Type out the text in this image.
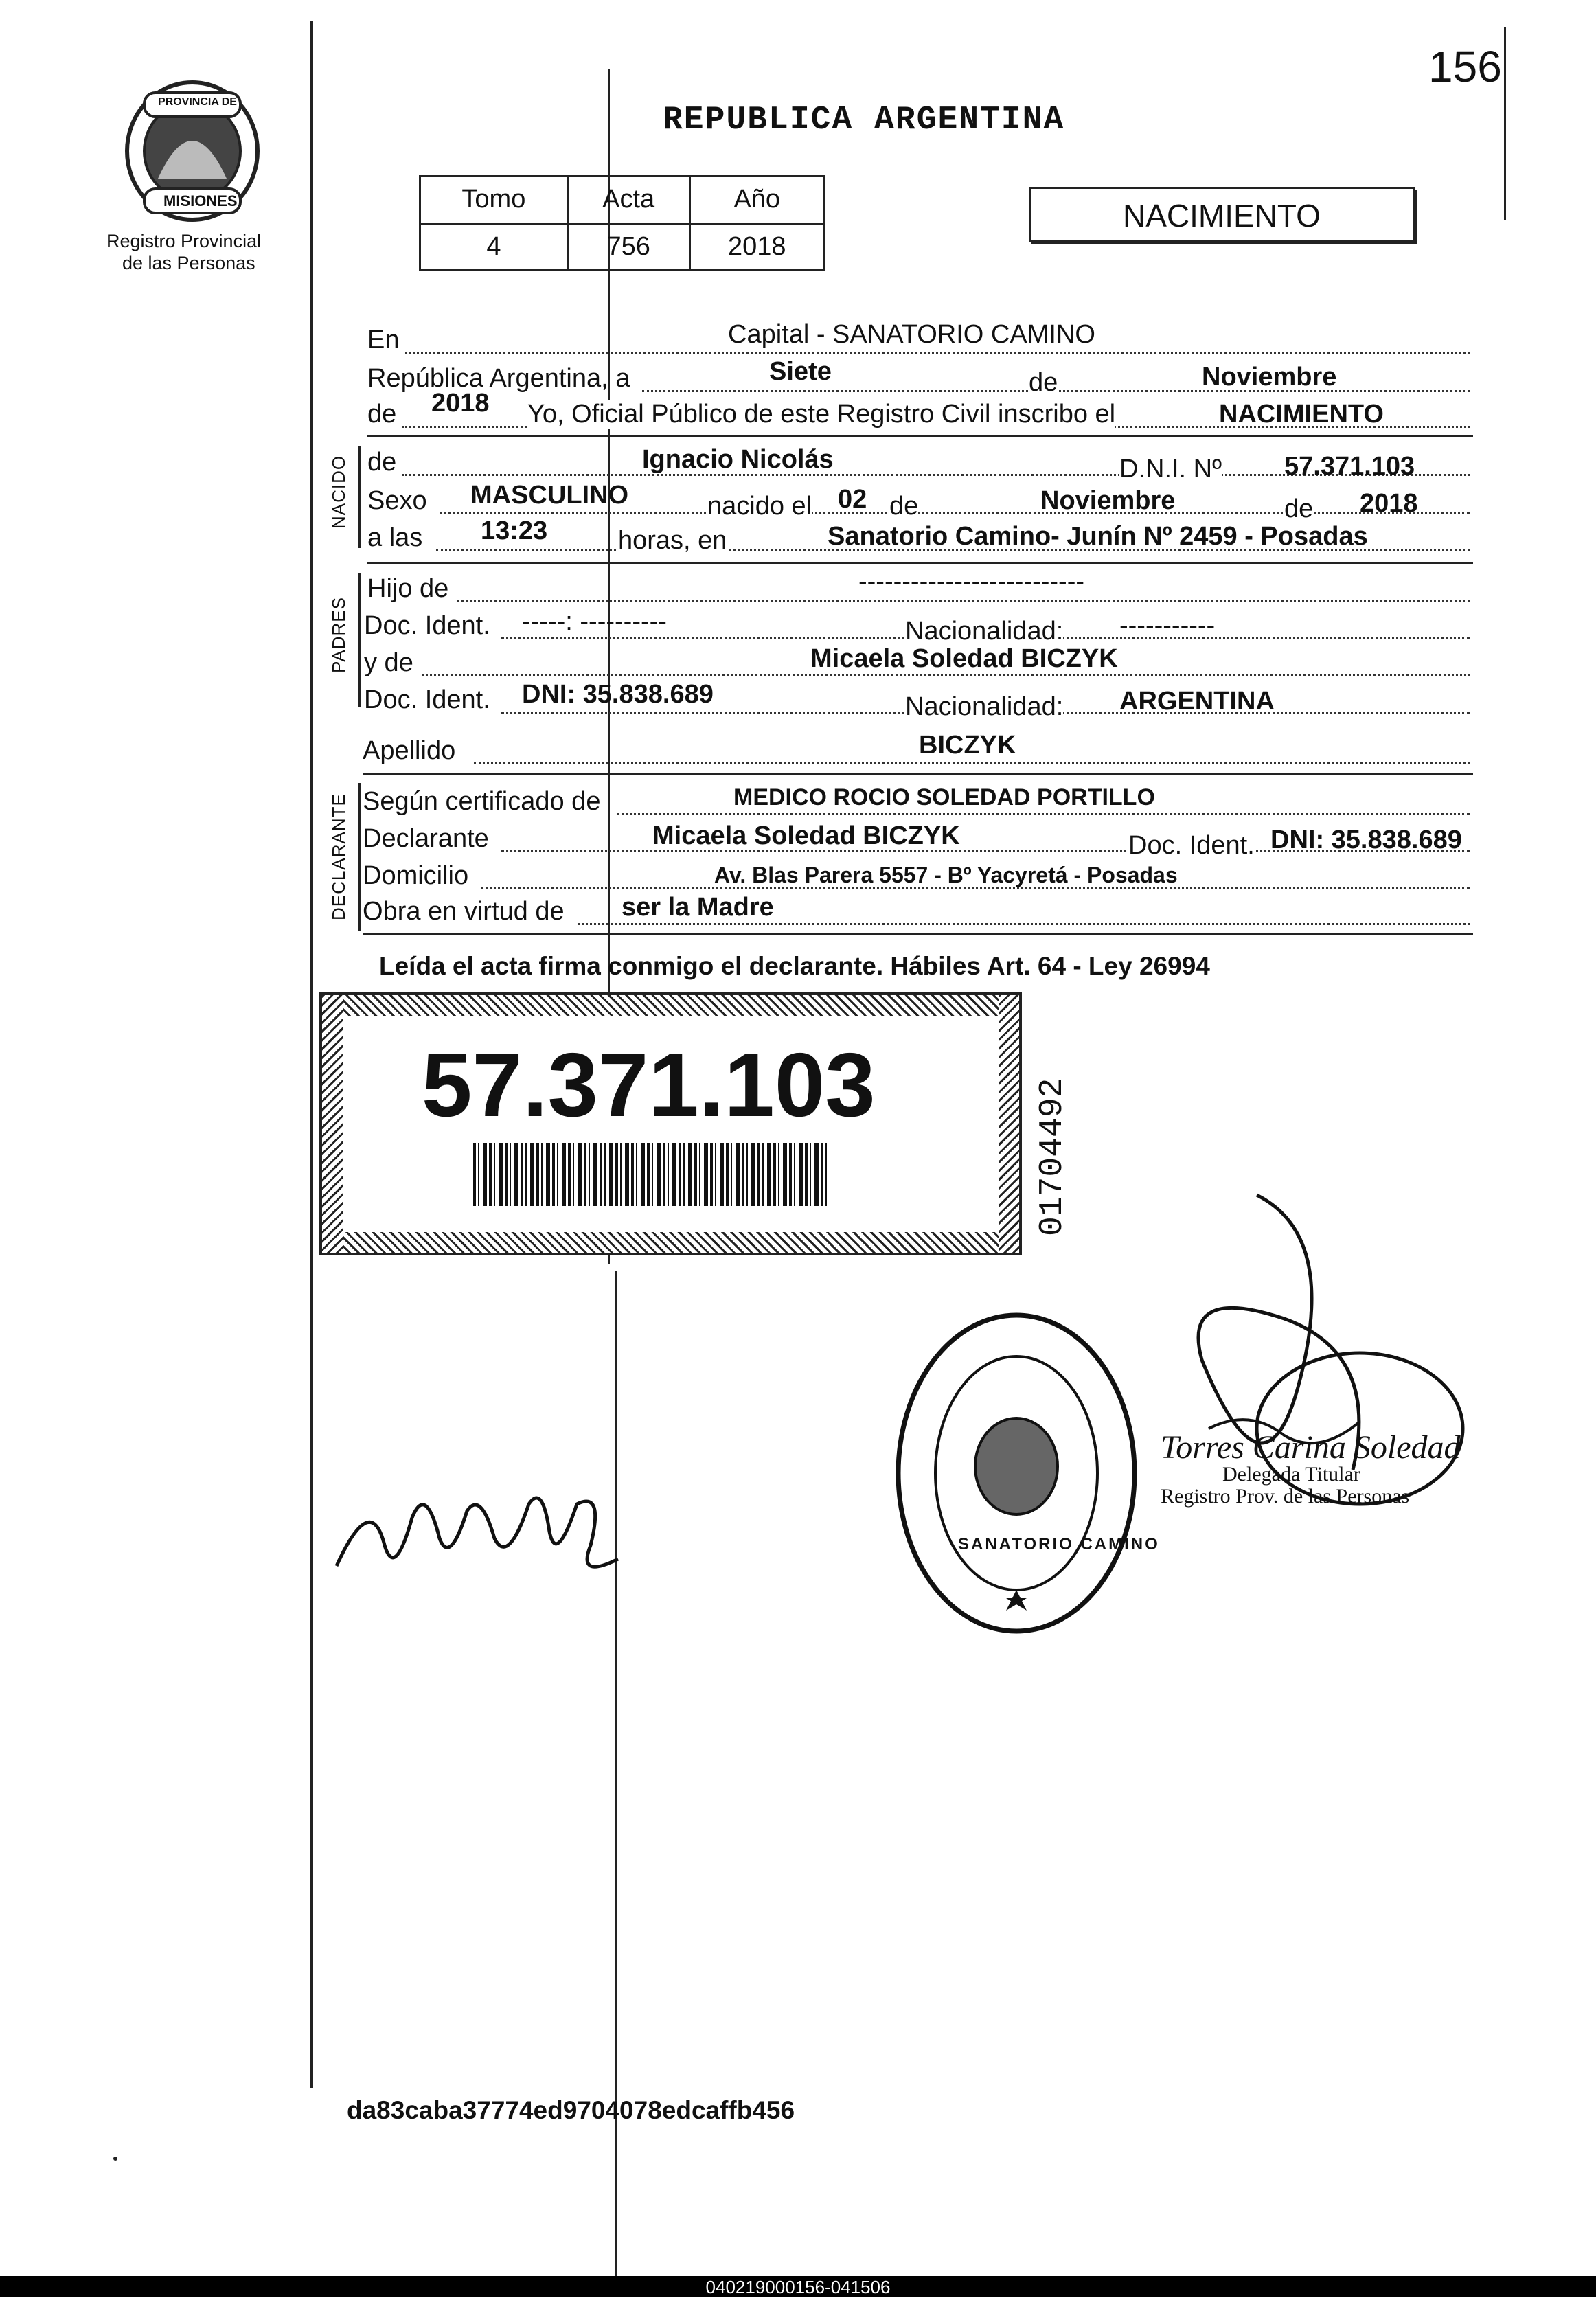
156
PROVINCIA DE
MISIONES
Registro Provincial
de las Personas
REPUBLICA ARGENTINA
Tomo	Acta	Año
4	756	2018
NACIMIENTO
En	Capital - SANATORIO CAMINO
República Argentina, a	Siete	de	Noviembre
de 2018 Yo, Oficial Público de este Registro Civil inscribo el	NACIMIENTO
NACIDO de	Ignacio Nicolás	D.N.I. Nº 57.371.103
Sexo MASCULINO	nacido el 02 de	Noviembre	de 2018
a las 13:23	horas, en	Sanatorio Camino- Junín Nº 2459 - Posadas
PADRES
Hijo de	--------------------------
Doc. Ident. -----: ----------	Nacionalidad: -----------
y de	Micaela Soledad BICZYK
Doc. Ident. DNI: 35.838.689	Nacionalidad: ARGENTINA
Apellido	BICZYK
DECLARANTE Según certificado de	MEDICO ROCIO SOLEDAD PORTILLO
Declarante	Micaela Soledad BICZYK	Doc. Ident. DNI: 35.838.689
Domicilio	Av. Blas Parera 5557 - Bº Yacyretá - Posadas
Obra en virtud de ser la Madre
Leída el acta firma conmigo el declarante. Hábiles Art. 64 - Ley 26994
57.371.103	01704492
SANATORIO CAMINO
Torres Carina Soledad
Delegada Titular
Registro Prov. de las Personas
da83caba37774ed9704078edcaffb456
040219000156-041506
